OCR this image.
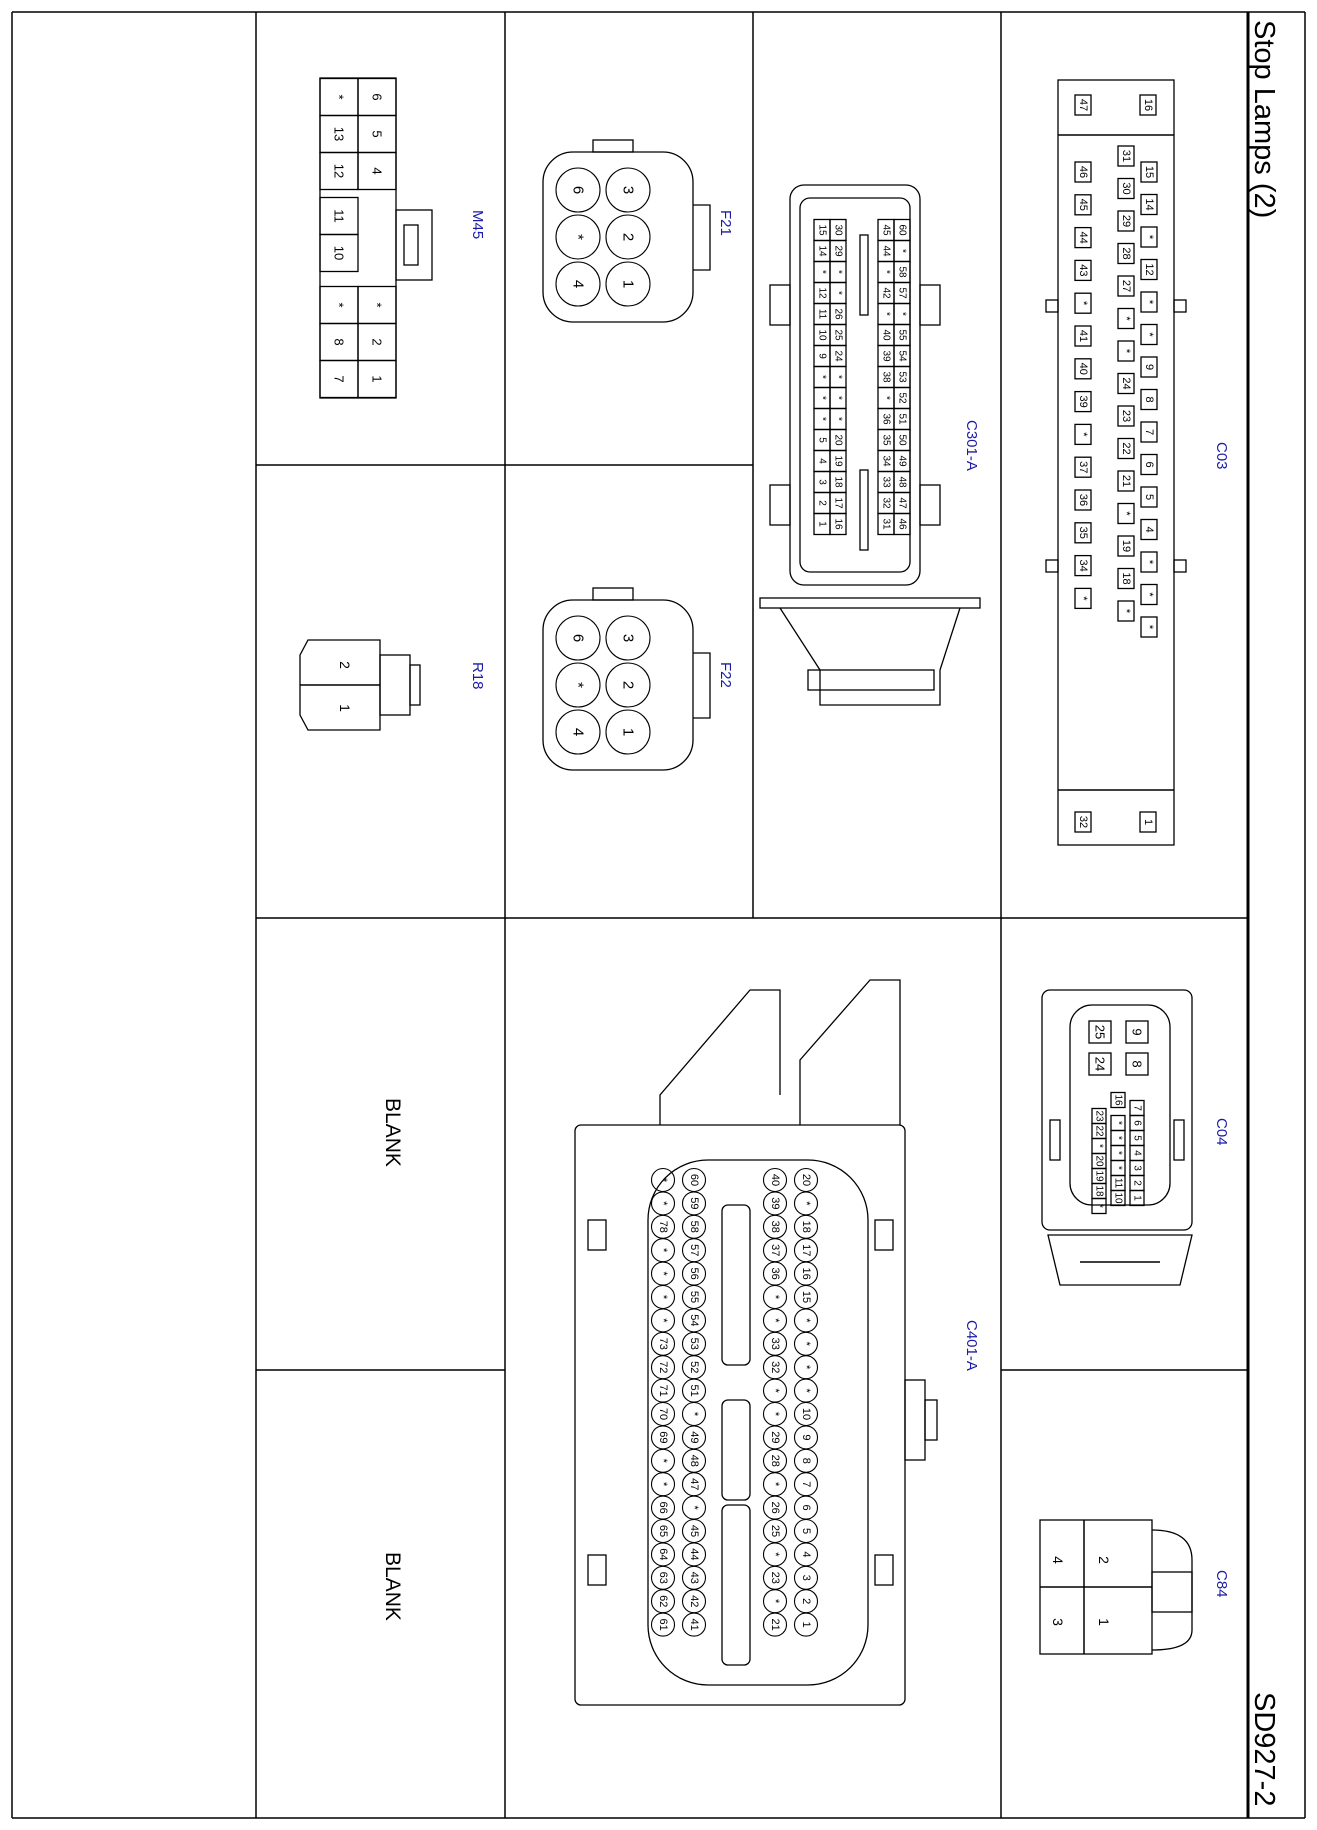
16
1
47
32
15
14
*
12
*
*
9
8
7
6
5
4
*
*
*
31
30
29
28
27
*
*
24
23
22
21
*
19
18
*
46
45
44
43
*
41
40
39
*
37
36
35
34
*
9
8
25
24
7
6
5
4
3
2
1
16
*
*
*
*
11
10
23
22
*
20
19
18
*
2
1
4
3
3
2
1
6
*
4
3
2
1
6
*
4
6
5
4
*
13
12
11
10
*
2
1
*
8
7
2
1
60
*
58
57
*
55
54
53
52
51
50
49
48
47
46
45
44
*
42
*
40
39
38
*
36
35
34
33
32
31
30
29
*
*
26
25
24
*
*
*
20
19
18
17
16
15
14
*
12
11
10
9
*
*
*
5
4
3
2
1
20
*
18
17
16
15
*
*
*
*
10
9
8
7
6
5
4
3
2
1
40
39
38
37
36
*
*
33
32
*
*
29
28
*
26
25
*
23
*
21
60
59
58
57
56
55
54
53
52
51
*
49
48
47
*
45
44
43
42
41
*
*
78
*
*
*
*
73
72
71
70
69
*
*
66
65
64
63
62
61
Stop Lamps (2)
SD927-2
C03
C04
C84
C301-A
C401-A
F21
F22
M45
R18
BLANK
BLANK
